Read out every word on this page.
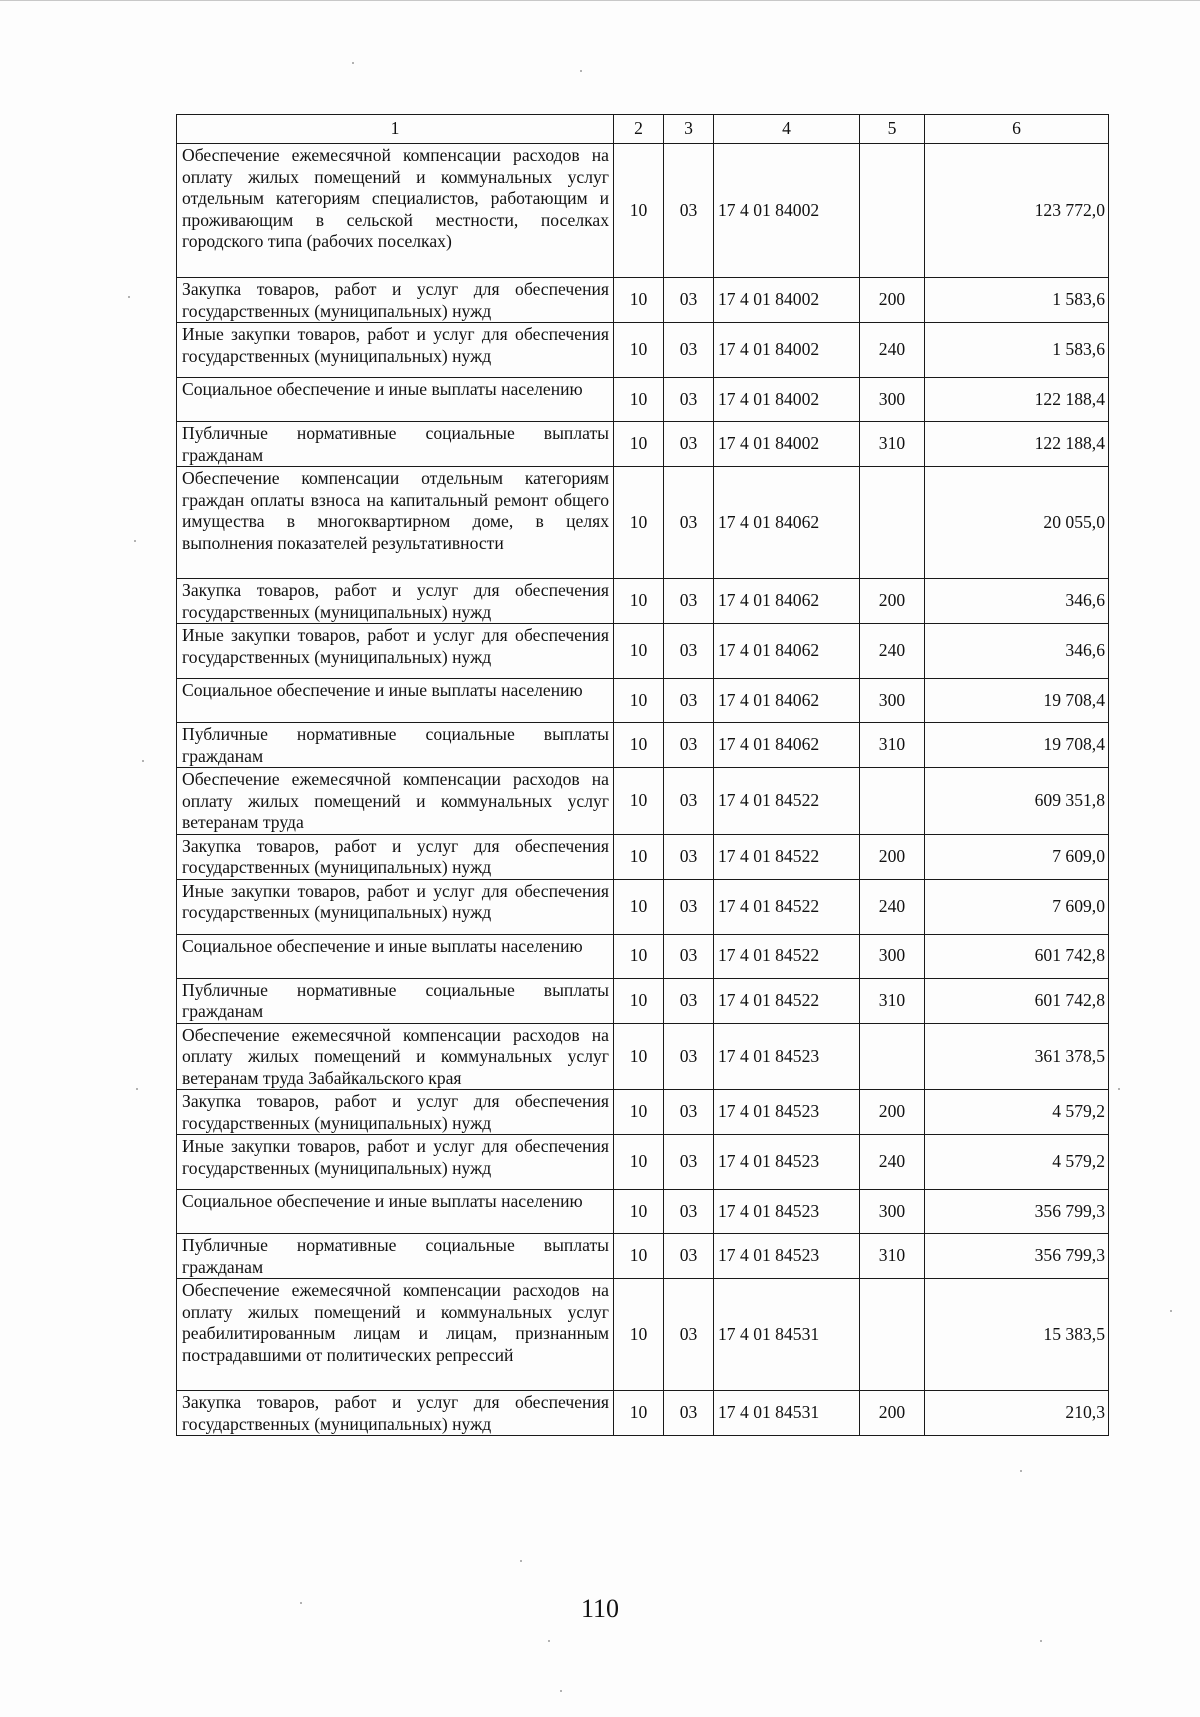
1	2	3	4	5	6
Обеспечение ежемесячной компенсации расходов на оплату жилых помещений и коммунальных услуг отдельным категориям специалистов, работающим и проживающим в сельской местности, поселках городского типа (рабочих поселках)	10	03	17 4 01 84002		123 772,0
Закупка товаров, работ и услуг для обеспечения государственных (муниципальных) нужд	10	03	17 4 01 84002	200	1 583,6
Иные закупки товаров, работ и услуг для обеспечения государственных (муниципальных) нужд	10	03	17 4 01 84002	240	1 583,6
Социальное обеспечение и иные выплаты населению	10	03	17 4 01 84002	300	122 188,4
Публичные нормативные социальные выплаты гражданам	10	03	17 4 01 84002	310	122 188,4
Обеспечение компенсации отдельным категориям граждан оплаты взноса на капитальный ремонт общего имущества в многоквартирном доме, в целях выполнения показателей результативности	10	03	17 4 01 84062		20 055,0
Закупка товаров, работ и услуг для обеспечения государственных (муниципальных) нужд	10	03	17 4 01 84062	200	346,6
Иные закупки товаров, работ и услуг для обеспечения государственных (муниципальных) нужд	10	03	17 4 01 84062	240	346,6
Социальное обеспечение и иные выплаты населению	10	03	17 4 01 84062	300	19 708,4
Публичные нормативные социальные выплаты гражданам	10	03	17 4 01 84062	310	19 708,4
Обеспечение ежемесячной компенсации расходов на оплату жилых помещений и коммунальных услуг ветеранам труда	10	03	17 4 01 84522		609 351,8
Закупка товаров, работ и услуг для обеспечения государственных (муниципальных) нужд	10	03	17 4 01 84522	200	7 609,0
Иные закупки товаров, работ и услуг для обеспечения государственных (муниципальных) нужд	10	03	17 4 01 84522	240	7 609,0
Социальное обеспечение и иные выплаты населению	10	03	17 4 01 84522	300	601 742,8
Публичные нормативные социальные выплаты гражданам	10	03	17 4 01 84522	310	601 742,8
Обеспечение ежемесячной компенсации расходов на оплату жилых помещений и коммунальных услуг ветеранам труда Забайкальского края	10	03	17 4 01 84523		361 378,5
Закупка товаров, работ и услуг для обеспечения государственных (муниципальных) нужд	10	03	17 4 01 84523	200	4 579,2
Иные закупки товаров, работ и услуг для обеспечения государственных (муниципальных) нужд	10	03	17 4 01 84523	240	4 579,2
Социальное обеспечение и иные выплаты населению	10	03	17 4 01 84523	300	356 799,3
Публичные нормативные социальные выплаты гражданам	10	03	17 4 01 84523	310	356 799,3
Обеспечение ежемесячной компенсации расходов на оплату жилых помещений и коммунальных услуг реабилитированным лицам и лицам, признанным пострадавшими от политических репрессий	10	03	17 4 01 84531		15 383,5
Закупка товаров, работ и услуг для обеспечения государственных (муниципальных) нужд	10	03	17 4 01 84531	200	210,3
110
